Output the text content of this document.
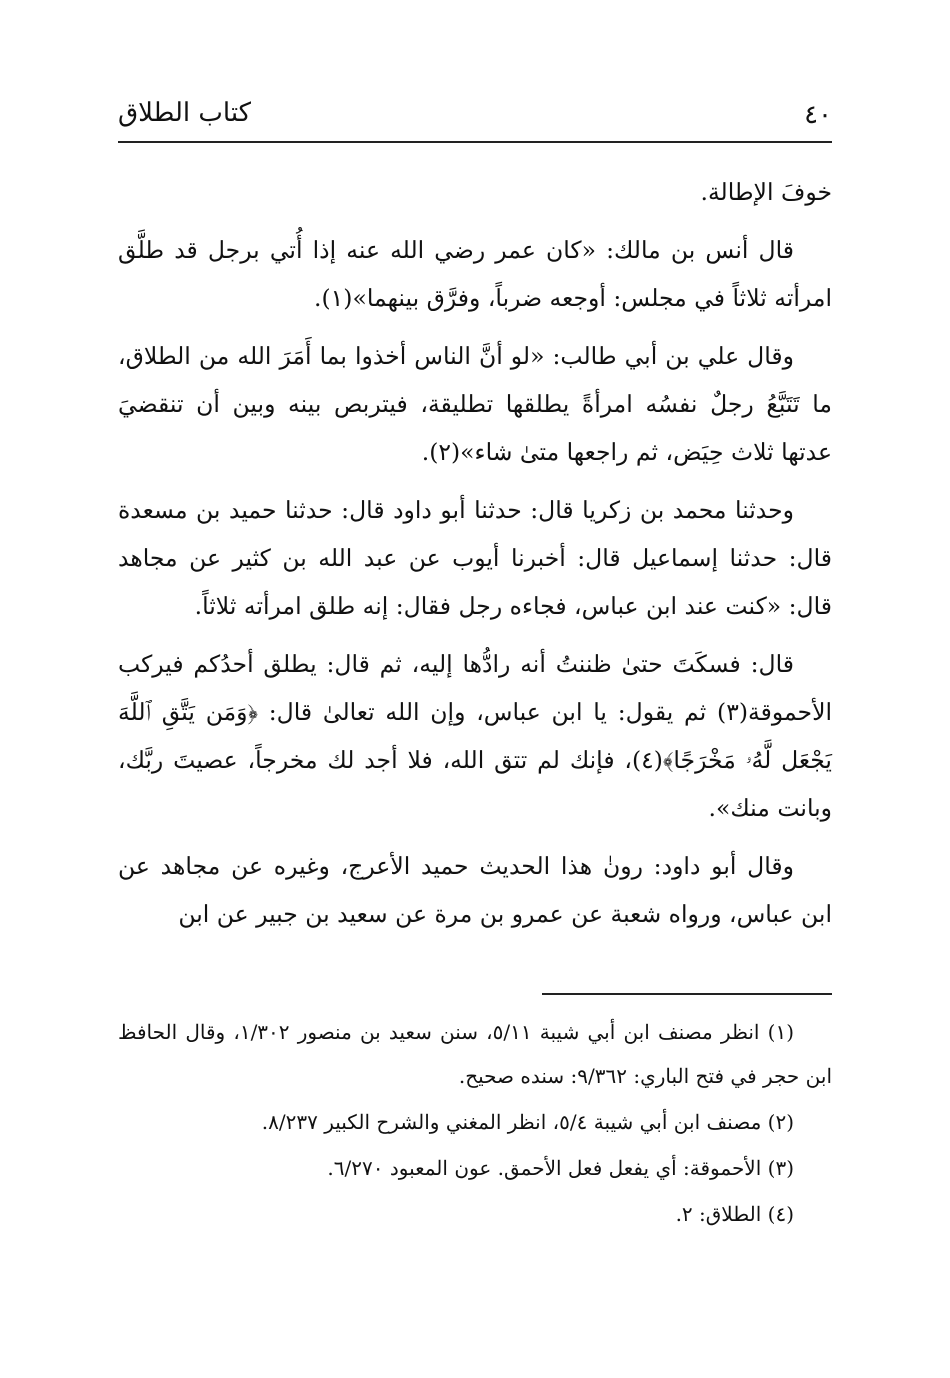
٤٠
كتاب الطلاق

خوفَ الإطالة.

قال أنس بن مالك: «كان عمر رضي الله عنه إذا أُتي برجل قد طلَّق امرأته ثلاثاً في مجلس: أوجعه ضرباً، وفرَّق بينهما»(١).

وقال علي بن أبي طالب: «لو أنَّ الناس أخذوا بما أَمَرَ الله من الطلاق، ما تَتَبَّعُ رجلٌ نفسُه امرأةً يطلقها تطليقة، فيتربص بينه وبين أن تنقضيَ عدتها ثلاث حِيَض، ثم راجعها متىٰ شاء»(٢).

وحدثنا محمد بن زكريا قال: حدثنا أبو داود قال: حدثنا حميد بن مسعدة قال: حدثنا إسماعيل قال: أخبرنا أيوب عن عبد الله بن كثير عن مجاهد قال: «كنت عند ابن عباس، فجاءه رجل فقال: إنه طلق امرأته ثلاثاً.

قال: فسكَتَ حتىٰ ظننتُ أنه رادُّها إليه، ثم قال: يطلق أحدُكم فيركب الأحموقة(٣) ثم يقول: يا ابن عباس، وإن الله تعالىٰ قال: ﴿وَمَن يَتَّقِ ٱللَّهَ يَجْعَل لَّهُۥ مَخْرَجًا﴾(٤)، فإنك لم تتق الله، فلا أجد لك مخرجاً، عصيتَ ربَّك، وبانت منك».

وقال أبو داود: رونٰ هذا الحديث حميد الأعرج، وغيره عن مجاهد عن ابن عباس، ورواه شعبة عن عمرو بن مرة عن سعيد بن جبير عن ابن

(١) انظر مصنف ابن أبي شيبة ٥/١١، سنن سعيد بن منصور ١/٣٠٢، وقال الحافظ ابن حجر في فتح الباري: ٩/٣٦٢: سنده صحيح.

(٢) مصنف ابن أبي شيبة ٥/٤، انظر المغني والشرح الكبير ٨/٢٣٧.

(٣) الأحموقة: أي يفعل فعل الأحمق. عون المعبود ٦/٢٧٠.

(٤) الطلاق: ٢.
